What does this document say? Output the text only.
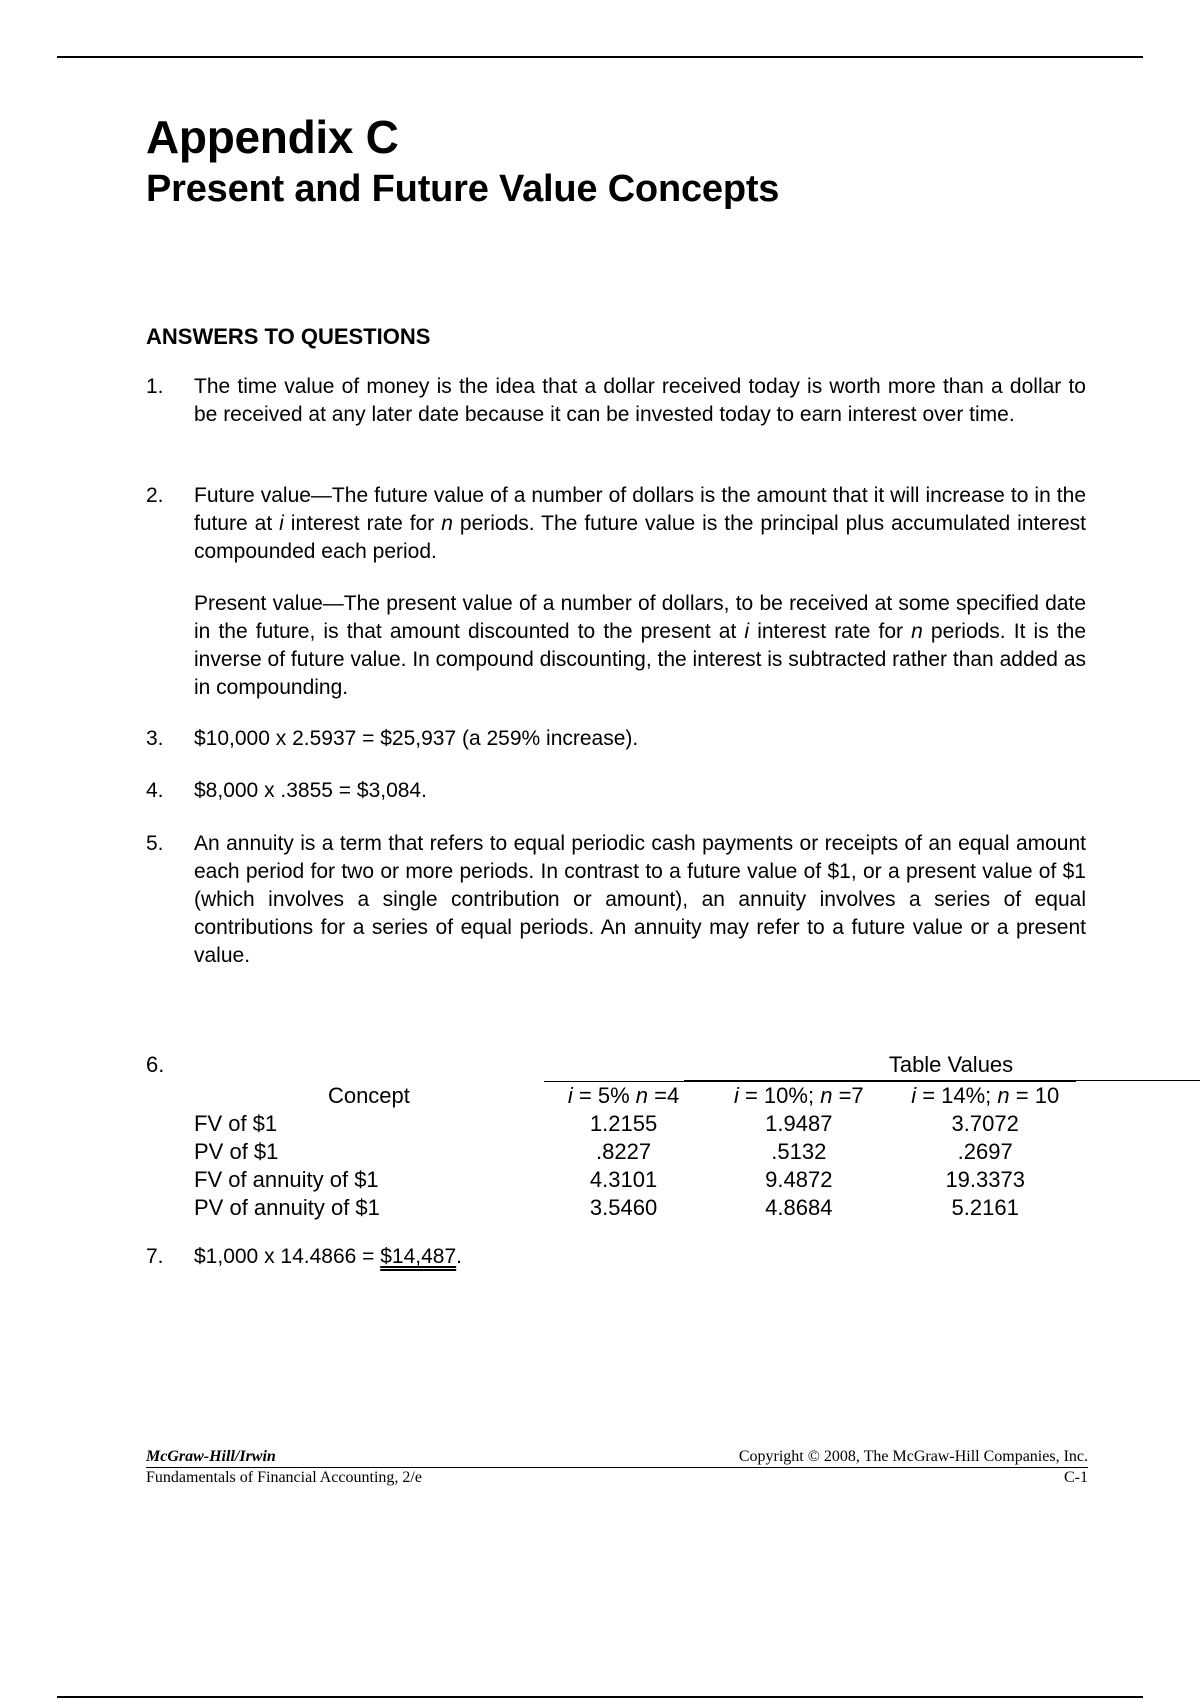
Appendix C
Present and Future Value Concepts
ANSWERS TO QUESTIONS
1. The time value of money is the idea that a dollar received today is worth more than a dollar to be received at any later date because it can be invested today to earn interest over time.

2. Future value—The future value of a number of dollars is the amount that it will increase to in the future at i interest rate for n periods. The future value is the principal plus accumulated interest compounded each period.

Present value—The present value of a number of dollars, to be received at some specified date in the future, is that amount discounted to the present at i interest rate for n periods. It is the inverse of future value. In compound discounting, the interest is subtracted rather than added as in compounding.

3. $10,000 x 2.5937 = $25,937 (a 259% increase).

4. $8,000 x .3855 = $3,084.

5. An annuity is a term that refers to equal periodic cash payments or receipts of an equal amount each period for two or more periods. In contrast to a future value of $1, or a present value of $1 (which involves a single contribution or amount), an annuity involves a series of equal contributions for a series of equal periods. An annuity may refer to a future value or a present value.

6.	Table Values
Concept	i = 5% n =4	i = 10%; n =7	i = 14%; n = 10
FV of $1	1.2155	1.9487	3.7072
PV of $1	.8227	.5132	.2697
FV of annuity of $1	4.3101	9.4872	19.3373
PV of annuity of $1	3.5460	4.8684	5.2161
7. $1,000 x 14.4866 = $14,487.

McGraw-Hill/Irwin	Copyright © 2008, The McGraw-Hill Companies, Inc.
Fundamentals of Financial Accounting, 2/e	C-1
